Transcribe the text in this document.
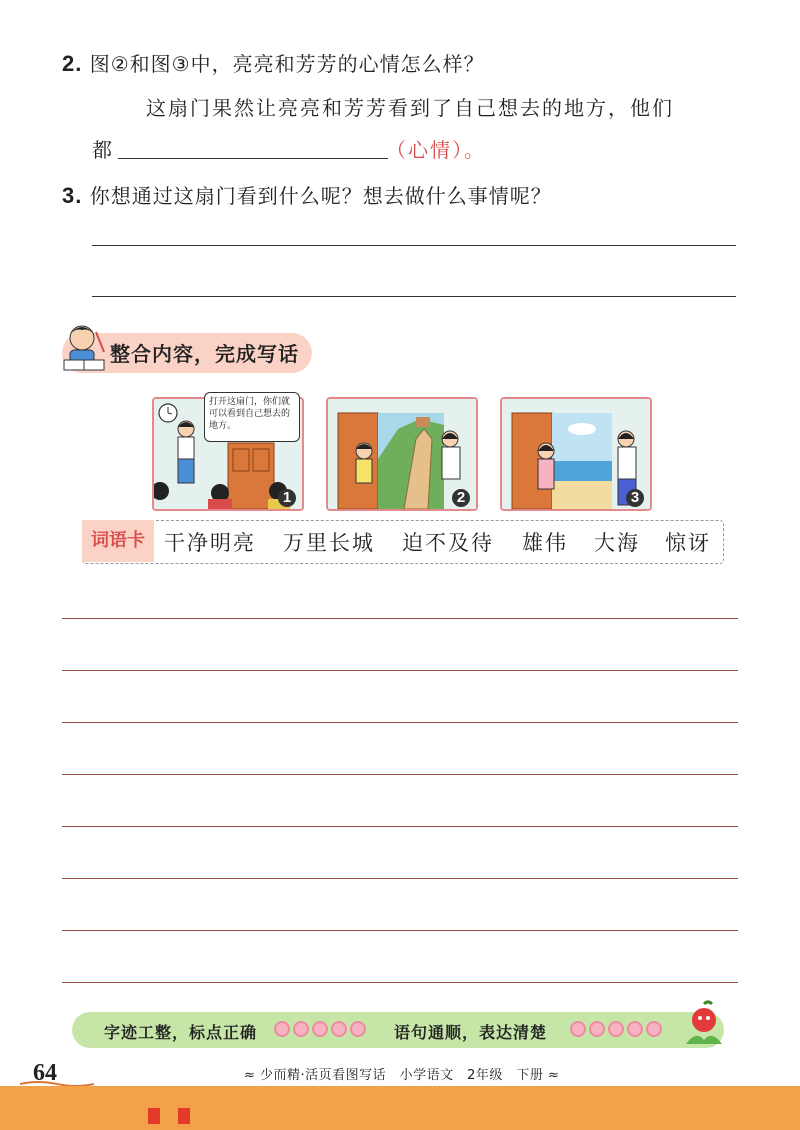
2. 图②和图③中，亮亮和芳芳的心情怎么样？
这扇门果然让亮亮和芳芳看到了自己想去的地方，他们
都	（心情）。
3. 你想通过这扇门看到什么呢？想去做什么事情呢？
整合内容，完成写话
1
打开这扇门，你们就可以看到自己想去的地方。
2	3
词语卡 干净明亮 万里长城 迫不及待 雄伟 大海 惊讶
字迹工整，标点正确	语句通顺，表达清楚
64	≈ 少而精·活页看图写话　小学语文　2年级　下册 ≈
